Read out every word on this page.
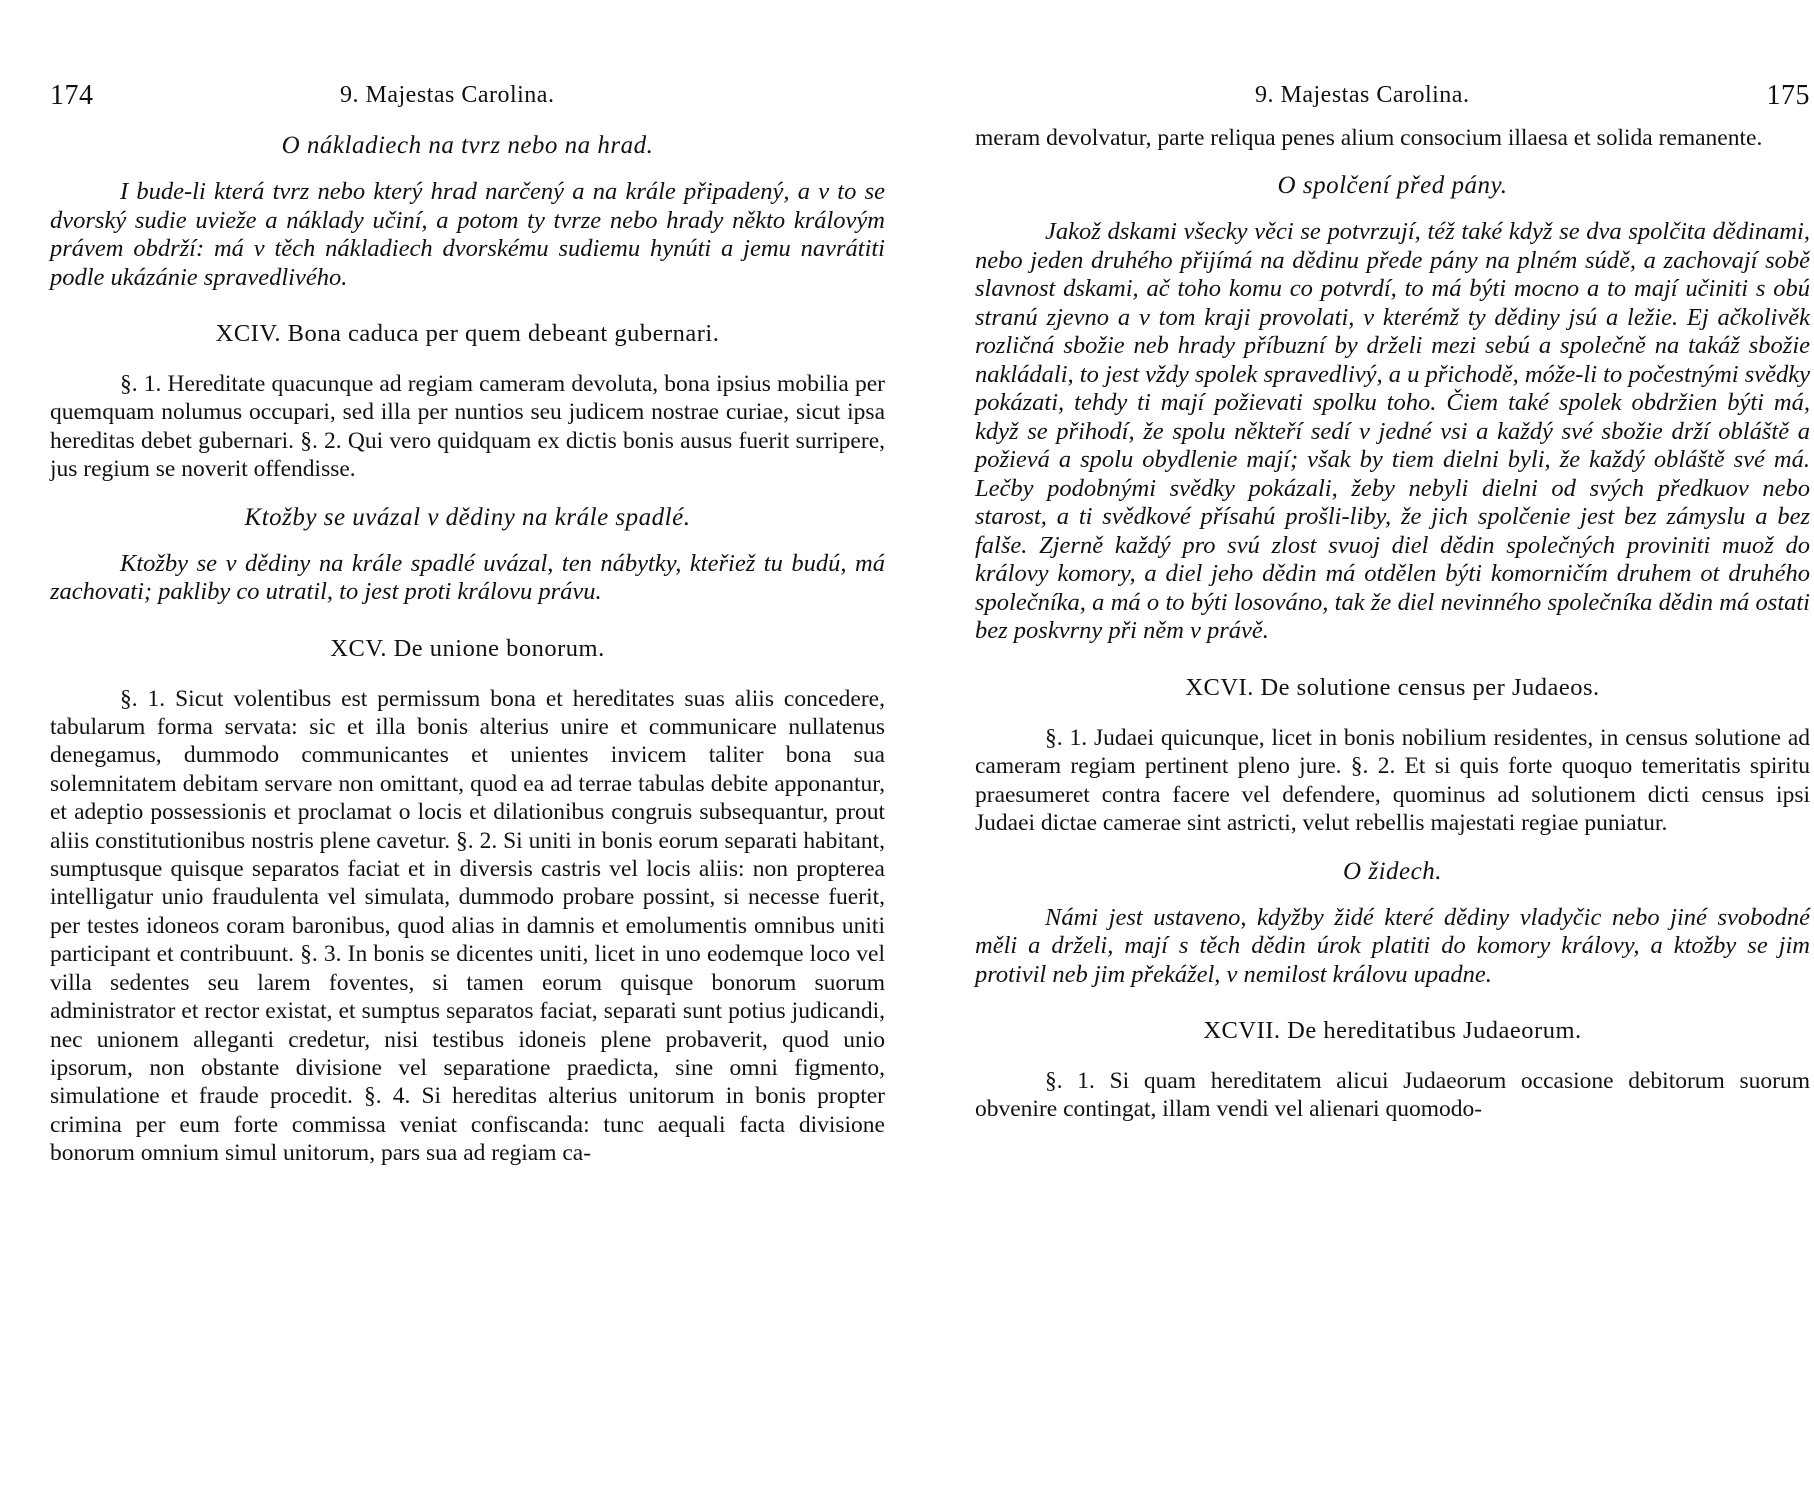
174	9. Majestas Carolina.
O nákladiech na tvrz nebo na hrad.

I bude-li která tvrz nebo který hrad narčený a na krále připadený, a v to se dvorský sudie uvieže a náklady učiní, a potom ty tvrze nebo hrady někto královým právem obdrží: má v těch nákladiech dvorskému sudiemu hynúti a jemu navrátiti podle ukázánie spravedlivého.

XCIV. Bona caduca per quem debeant gubernari.

§. 1. Hereditate quacunque ad regiam cameram devoluta, bona ipsius mobilia per quemquam nolumus occupari, sed illa per nuntios seu judicem nostrae curiae, sicut ipsa hereditas debet gubernari. §. 2. Qui vero quidquam ex dictis bonis ausus fuerit surripere, jus regium se noverit offendisse.

Ktožby se uvázal v dědiny na krále spadlé.

Ktožby se v dědiny na krále spadlé uvázal, ten nábytky, kteřiež tu budú, má zachovati; pakliby co utratil, to jest proti královu právu.

XCV. De unione bonorum.

§. 1. Sicut volentibus est permissum bona et hereditates suas aliis concedere, tabularum forma servata: sic et illa bonis alterius unire et communicare nullatenus denegamus, dummodo communicantes et unientes invicem taliter bona sua solemnitatem debitam servare non omittant, quod ea ad terrae tabulas debite apponantur, et adeptio possessionis et proclamat o locis et dilationibus congruis subsequantur, prout aliis constitutionibus nostris plene cavetur. §. 2. Si uniti in bonis eorum separati habitant, sumptusque quisque separatos faciat et in diversis castris vel locis aliis: non propterea intelligatur unio fraudulenta vel simulata, dummodo probare possint, si necesse fuerit, per testes idoneos coram baronibus, quod alias in damnis et emolumentis omnibus uniti participant et contribuunt. §. 3. In bonis se dicentes uniti, licet in uno eodemque loco vel villa sedentes seu larem foventes, si tamen eorum quisque bonorum suorum administrator et rector existat, et sumptus separatos faciat, separati sunt potius judicandi, nec unionem alleganti credetur, nisi testibus idoneis plene probaverit, quod unio ipsorum, non obstante divisione vel separatione praedicta, sine omni figmento, simulatione et fraude procedit. §. 4. Si hereditas alterius unitorum in bonis propter crimina per eum forte commissa veniat confiscanda: tunc aequali facta divisione bonorum omnium simul unitorum, pars sua ad regiam ca-

9. Majestas Carolina.	175

meram devolvatur, parte reliqua penes alium consocium illaesa et solida remanente.

O spolčení před pány.

Jakož dskami všecky věci se potvrzují, též také když se dva spolčita dědinami, nebo jeden druhého přijímá na dědinu přede pány na plném súdě, a zachovají sobě slavnost dskami, ač toho komu co potvrdí, to má býti mocno a to mají učiniti s obú stranú zjevno a v tom kraji provolati, v kterémž ty dědiny jsú a ležie. Ej ačkolivěk rozličná sbožie neb hrady příbuzní by drželi mezi sebú a společně na takáž sbožie nakládali, to jest vždy spolek spravedlivý, a u přichodě, móže-li to počestnými svědky pokázati, tehdy ti mají požievati spolku toho. Čiem také spolek obdržien býti má, když se přihodí, že spolu někteří sedí v jedné vsi a každý své sbožie drží obláště a požievá a spolu obydlenie mají; však by tiem dielni byli, že každý obláště své má. Lečby podobnými svědky pokázali, žeby nebyli dielni od svých předkuov nebo starost, a ti svědkové přísahú prošli-liby, že jich spolčenie jest bez zámyslu a bez falše. Zjerně každý pro svú zlost svuoj diel dědin společných proviniti muož do královy komory, a diel jeho dědin má otdělen býti komorničím druhem ot druhého společníka, a má o to býti losováno, tak že diel nevinného společníka dědin má ostati bez poskvrny při něm v právě.

XCVI. De solutione census per Judaeos.

§. 1. Judaei quicunque, licet in bonis nobilium residentes, in census solutione ad cameram regiam pertinent pleno jure. §. 2. Et si quis forte quoquo temeritatis spiritu praesumeret contra facere vel defendere, quominus ad solutionem dicti census ipsi Judaei dictae camerae sint astricti, velut rebellis majestati regiae puniatur.

O židech.

Námi jest ustaveno, kdyžby židé které dědiny vladyčic nebo jiné svobodné měli a drželi, mají s těch dědin úrok platiti do komory královy, a ktožby se jim protivil neb jim překážel, v nemilost královu upadne.

XCVII. De hereditatibus Judaeorum.

§. 1. Si quam hereditatem alicui Judaeorum occasione debitorum suorum obvenire contingat, illam vendi vel alienari quomodo-
